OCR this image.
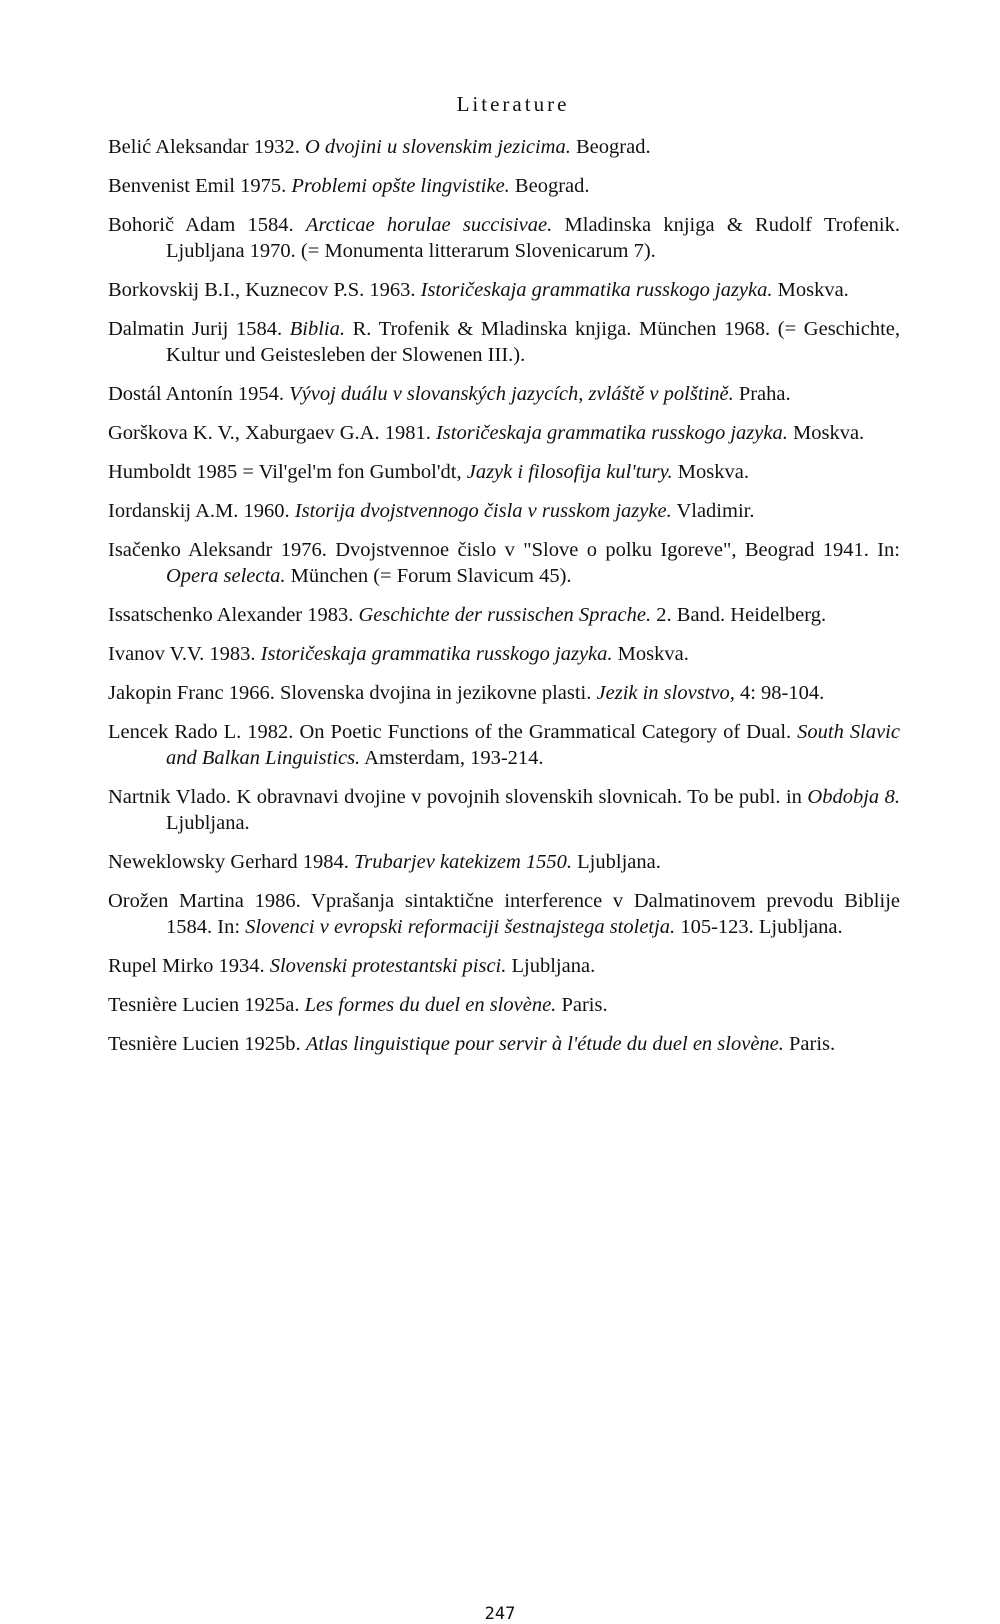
Literature
Belić Aleksandar 1932. O dvojini u slovenskim jezicima. Beograd.
Benvenist Emil 1975. Problemi opšte lingvistike. Beograd.
Bohorič Adam 1584. Arcticae horulae succisivae. Mladinska knjiga & Rudolf Trofenik. Ljubljana 1970. (= Monumenta litterarum Slovenicarum 7).
Borkovskij B.I., Kuznecov P.S. 1963. Istoričeskaja grammatika russkogo jazyka. Moskva.
Dalmatin Jurij 1584. Biblia. R. Trofenik & Mladinska knjiga. München 1968. (= Geschichte, Kultur und Geistesleben der Slowenen III.).
Dostál Antonín 1954. Vývoj duálu v slovanských jazycích, zvláště v polštině. Praha.
Gorškova K. V., Xaburgaev G.A. 1981. Istoričeskaja grammatika russkogo jazyka. Moskva.
Humboldt 1985 = Vil'gel'm fon Gumbol'dt, Jazyk i filosofija kul'tury. Moskva.
Iordanskij A.M. 1960. Istorija dvojstvennogo čisla v russkom jazyke. Vladimir.
Isačenko Aleksandr 1976. Dvojstvennoe čislo v "Slove o polku Igoreve", Beograd 1941. In: Opera selecta. München (= Forum Slavicum 45).
Issatschenko Alexander 1983. Geschichte der russischen Sprache. 2. Band. Heidelberg.
Ivanov V.V. 1983. Istoričeskaja grammatika russkogo jazyka. Moskva.
Jakopin Franc 1966. Slovenska dvojina in jezikovne plasti. Jezik in slovstvo, 4: 98-104.
Lencek Rado L. 1982. On Poetic Functions of the Grammatical Category of Dual. South Slavic and Balkan Linguistics. Amsterdam, 193-214.
Nartnik Vlado. K obravnavi dvojine v povojnih slovenskih slovnicah. To be publ. in Obdobja 8. Ljubljana.
Neweklowsky Gerhard 1984. Trubarjev katekizem 1550. Ljubljana.
Orožen Martina 1986. Vprašanja sintaktične interference v Dalmatinovem prevodu Biblije 1584. In: Slovenci v evropski reformaciji šestnajstega stoletja. 105-123. Ljubljana.
Rupel Mirko 1934. Slovenski protestantski pisci. Ljubljana.
Tesnière Lucien 1925a. Les formes du duel en slovène. Paris.
Tesnière Lucien 1925b. Atlas linguistique pour servir à l'étude du duel en slovène. Paris.
247
